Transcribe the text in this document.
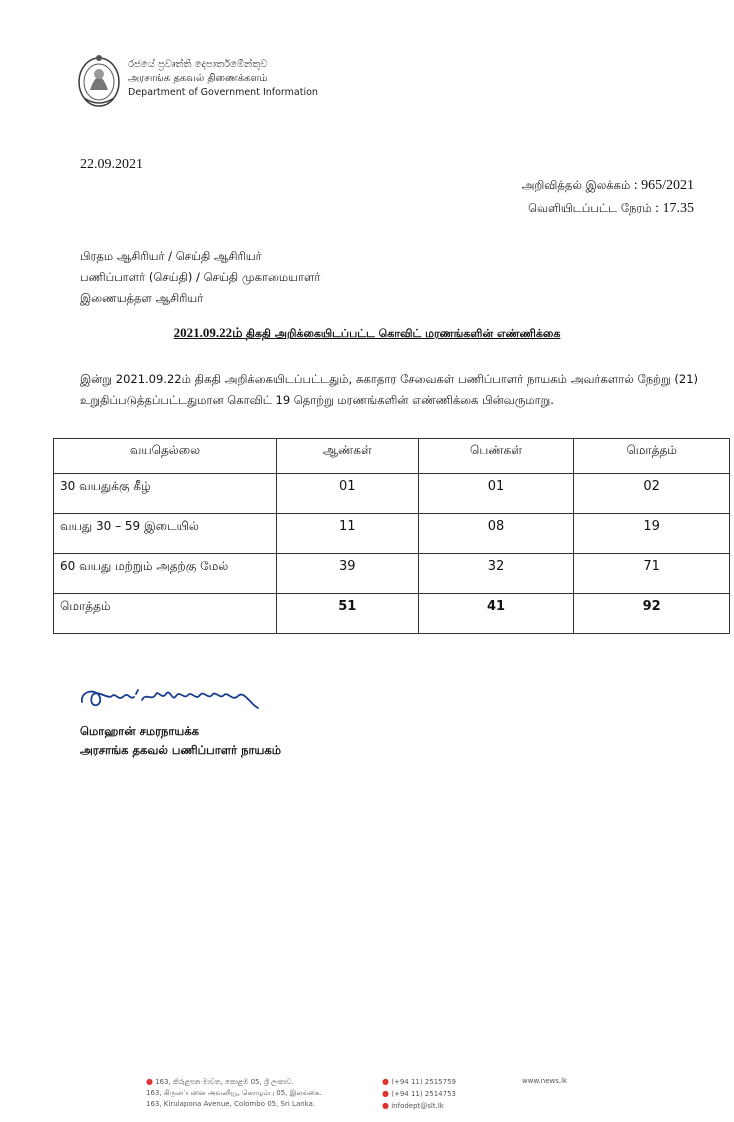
රජයේ ප්‍රවෘත්ති දෙපාර්තමේන්තුව
அரசாங்க தகவல் திணைக்களம்
Department of Government Information
22.09.2021
அறிவித்தல் இலக்கம் : 965/2021
வெளியிடப்பட்ட நேரம் : 17.35
பிரதம ஆசிரியர் / செய்தி ஆசிரியர்
பணிப்பாளர் (செய்தி) / செய்தி முகாமையாளர்
இணையத்தள ஆசிரியர்
2021.09.22ம் திகதி அறிக்கையிடப்பட்ட கொவிட் மரணங்களின் எண்ணிக்கை
இன்று 2021.09.22ம் திகதி அறிக்கையிடப்பட்டதும், சுகாதார சேவைகள் பணிப்பாளர் நாயகம் அவர்களால் நேற்று (21) உறுதிப்படுத்தப்பட்டதுமான கொவிட் 19 தொற்று மரணங்களின் எண்ணிக்கை பின்வருமாறு.
வயதெல்லை	ஆண்கள்	பெண்கள்	மொத்தம்
30 வயதுக்கு கீழ்	01	01	02
வயது 30 – 59 இடையில்	11	08	19
60 வயது மற்றும் அதற்கு மேல்	39	32	71
மொத்தம்	51	41	92
மொஹான் சமரநாயக்க
அரசாங்க தகவல் பணிப்பாளர் நாயகம்
● 163, කිරුළපන මාවත, කොළඹ 05, ශ්‍රී ලංකාව.
163, கிருலப்பனை அவனியூ, கொழும்பு 05, இலங்கை.
163, Kirulapona Avenue, Colombo 05, Sri Lanka.
● (+94 11) 2515759
● (+94 11) 2514753
● infodept@slt.lk
www.news.lk
